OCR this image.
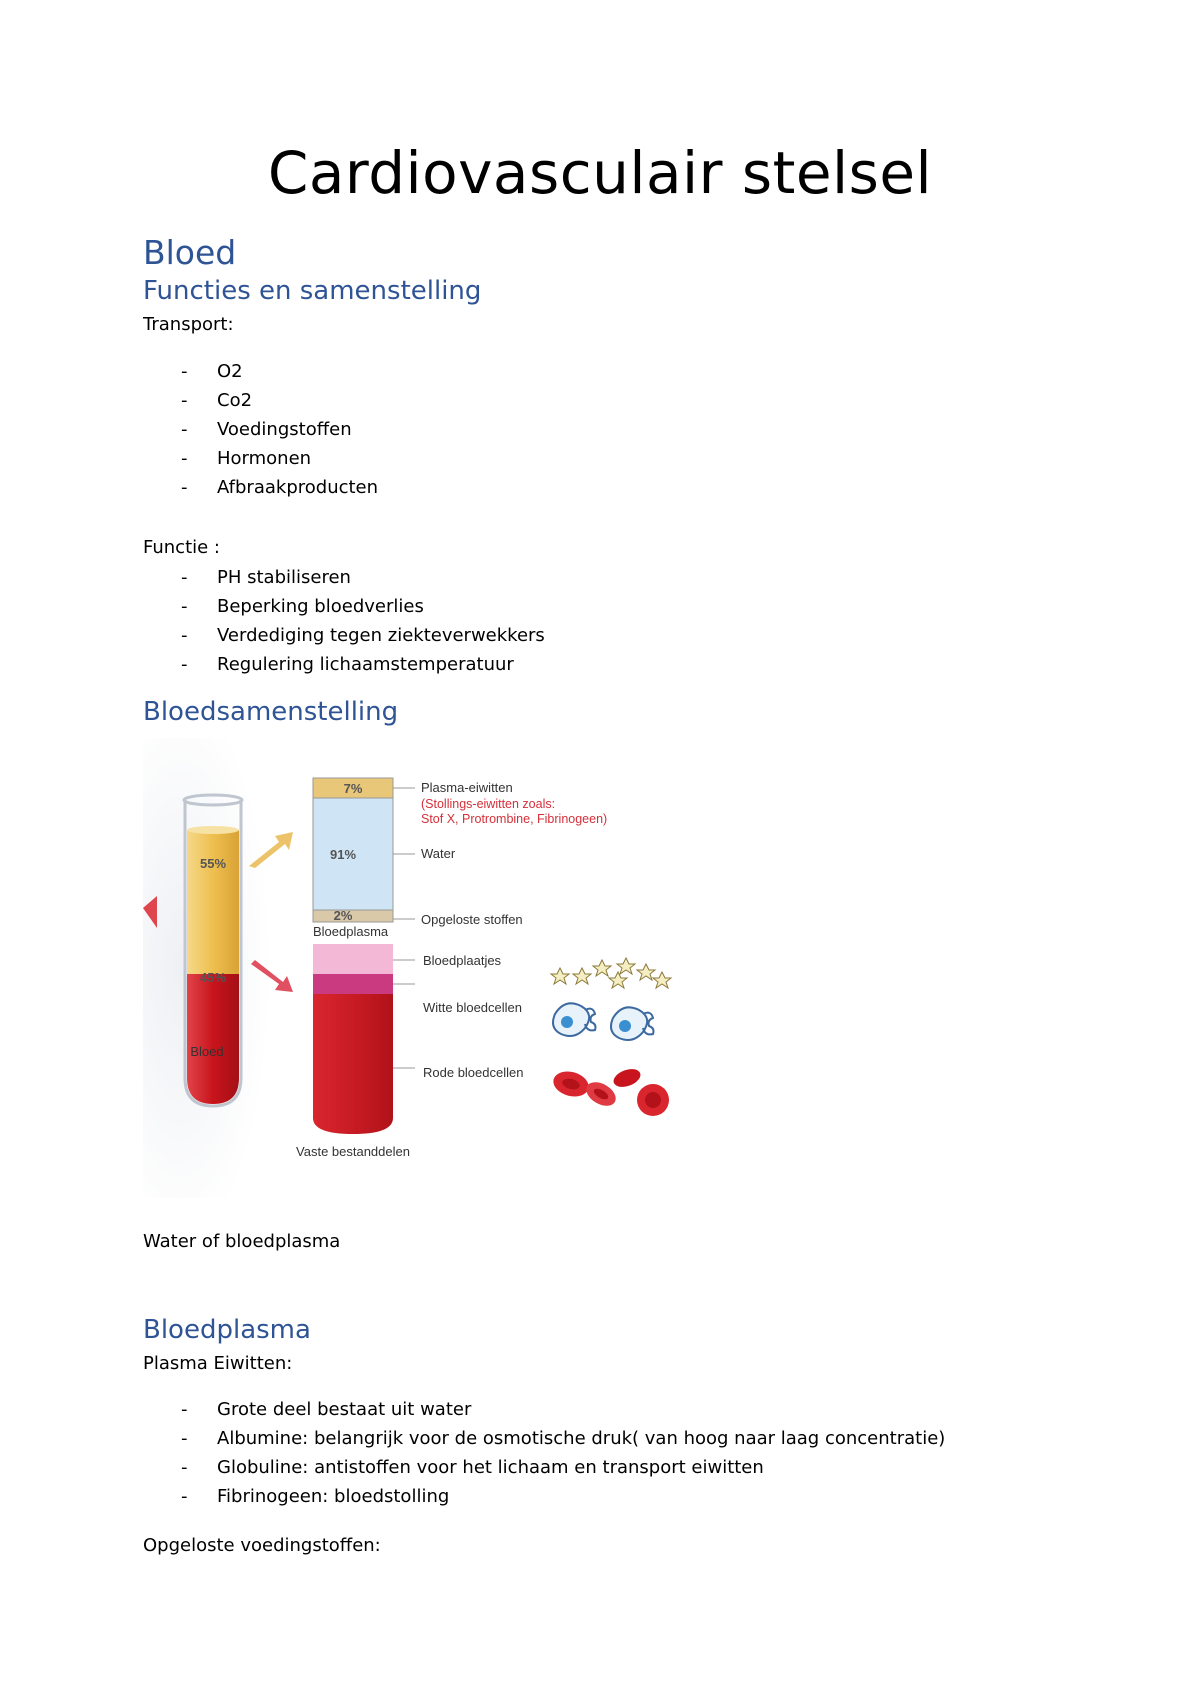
Cardiovasculair stelsel
Bloed
Functies en samenstelling
Transport:
- O2
- Co2
- Voedingstoffen
- Hormonen
- Afbraakproducten
Functie :
- PH stabiliseren
- Beperking bloedverlies
- Verdediging tegen ziekteverwekkers
- Regulering lichaamstemperatuur
Bloedsamenstelling
55%
45%
Bloed
7%
91%
2%
Bloedplasma
Vaste bestanddelen
Plasma-eiwitten
(Stollings-eiwitten zoals:
Stof X, Protrombine, Fibrinogeen)
Water
Opgeloste stoffen
Bloedplaatjes
Witte bloedcellen
Rode bloedcellen
Water of bloedplasma
Bloedplasma
Plasma Eiwitten:
- Grote deel bestaat uit water
- Albumine: belangrijk voor de osmotische druk( van hoog naar laag concentratie)
- Globuline: antistoffen voor het lichaam en transport eiwitten
- Fibrinogeen: bloedstolling
Opgeloste voedingstoffen:
